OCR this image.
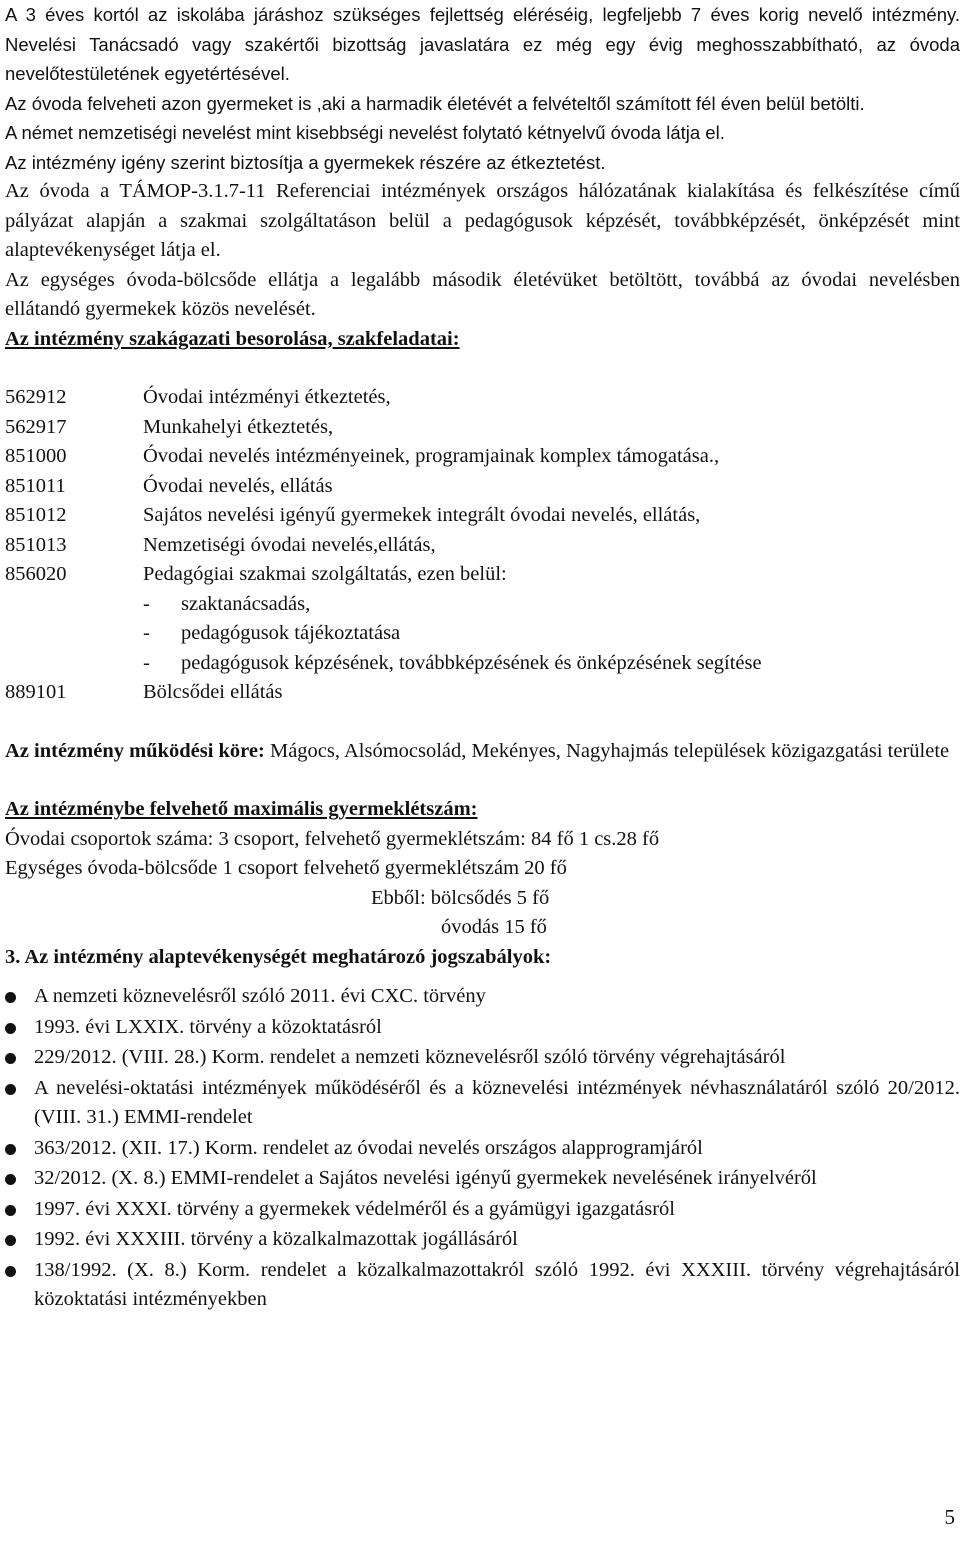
A 3 éves kortól az iskolába járáshoz szükséges fejlettség eléréséig, legfeljebb 7 éves korig nevelő intézmény. Nevelési Tanácsadó vagy szakértői bizottság javaslatára ez még egy évig meghosszabbítható, az óvoda nevelőtestületének egyetértésével.

Az óvoda felveheti azon gyermeket is ,aki a harmadik életévét a felvételtől számított fél éven belül betölti.

A német nemzetiségi nevelést mint kisebbségi nevelést folytató kétnyelvű óvoda látja el.

Az intézmény igény szerint biztosítja a gyermekek részére az étkeztetést.

Az óvoda a TÁMOP-3.1.7-11 Referenciai intézmények országos hálózatának kialakítása és felkészítése című pályázat alapján a szakmai szolgáltatáson belül a pedagógusok képzését, továbbképzését, önképzését mint alaptevékenységet látja el.

Az egységes óvoda-bölcsőde ellátja a legalább második életévüket betöltött, továbbá az óvodai nevelésben ellátandó gyermekek közös nevelését.

Az intézmény szakágazati besorolása, szakfeladatai:

562912	Óvodai intézményi étkeztetés,
562917	Munkahelyi étkeztetés,
851000	Óvodai nevelés intézményeinek, programjainak komplex támogatása.,
851011	Óvodai nevelés, ellátás
851012	Sajátos nevelési igényű gyermekek integrált óvodai nevelés, ellátás,
851013	Nemzetiségi óvodai nevelés,ellátás,
856020	Pedagógiai szakmai szolgáltatás, ezen belül:
-	szaktanácsadás,
-	pedagógusok tájékoztatása
-	pedagógusok képzésének, továbbképzésének és önképzésének segítése
889101	Bölcsődei ellátás

Az intézmény működési köre: Mágocs, Alsómocsolád, Mekényes, Nagyhajmás települések közigazgatási területe

Az intézménybe felvehető maximális gyermeklétszám:

Óvodai csoportok száma: 3 csoport, felvehető gyermeklétszám: 84 fő 1 cs.28 fő

Egységes óvoda-bölcsőde 1 csoport felvehető gyermeklétszám 20 fő

Ebből: bölcsődés 5 fő

óvodás 15 fő

3. Az intézmény alaptevékenységét meghatározó jogszabályok:

A nemzeti köznevelésről szóló 2011. évi CXC. törvény
1993. évi LXXIX. törvény a közoktatásról
229/2012. (VIII. 28.) Korm. rendelet a nemzeti köznevelésről szóló törvény végrehajtásáról
A nevelési-oktatási intézmények működéséről és a köznevelési intézmények névhasználatáról szóló 20/2012. (VIII. 31.) EMMI-rendelet
363/2012. (XII. 17.) Korm. rendelet az óvodai nevelés országos alapprogramjáról
32/2012. (X. 8.) EMMI-rendelet a Sajátos nevelési igényű gyermekek nevelésének irányelvéről
1997. évi XXXI. törvény a gyermekek védelméről és a gyámügyi igazgatásról
1992. évi XXXIII. törvény a közalkalmazottak jogállásáról
138/1992. (X. 8.) Korm. rendelet a közalkalmazottakról szóló 1992. évi XXXIII. törvény végrehajtásáról közoktatási intézményekben
5
